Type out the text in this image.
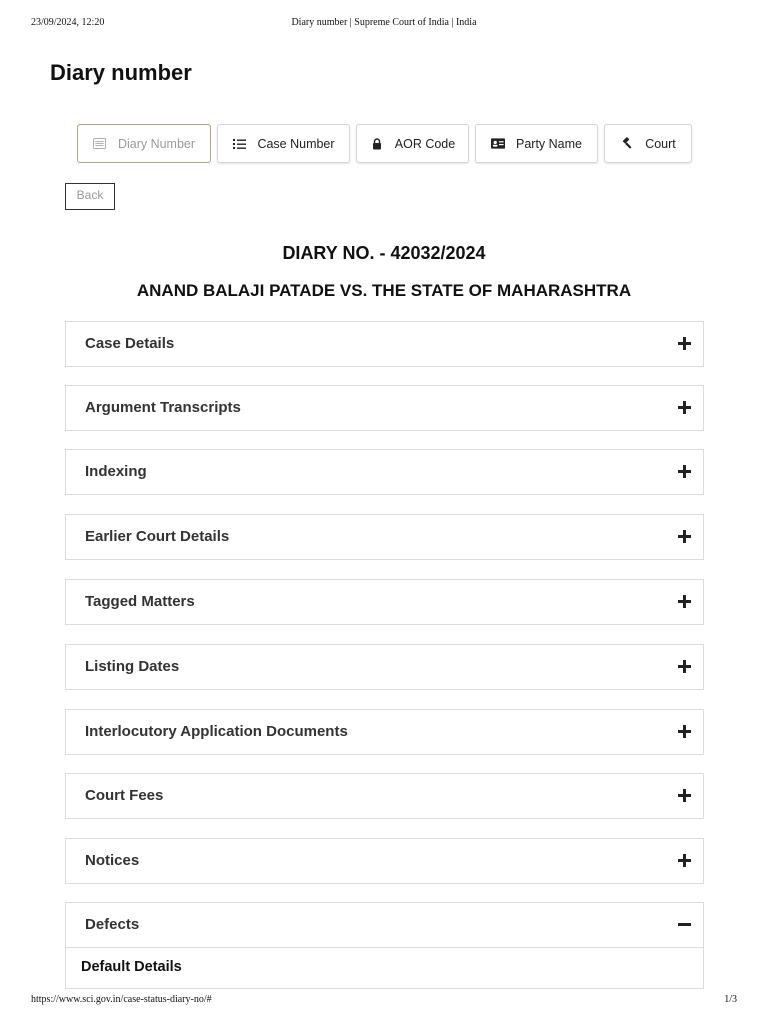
23/09/2024, 12:20	Diary number | Supreme Court of India | India
Diary number
Diary Number	Case Number	AOR Code	Party Name	Court
Back
DIARY NO. - 42032/2024
ANAND BALAJI PATADE VS. THE STATE OF MAHARASHTRA
Case Details
Argument Transcripts
Indexing
Earlier Court Details
Tagged Matters
Listing Dates
Interlocutory Application Documents
Court Fees
Notices
Defects
Default Details
https://www.sci.gov.in/case-status-diary-no/#	1/3
